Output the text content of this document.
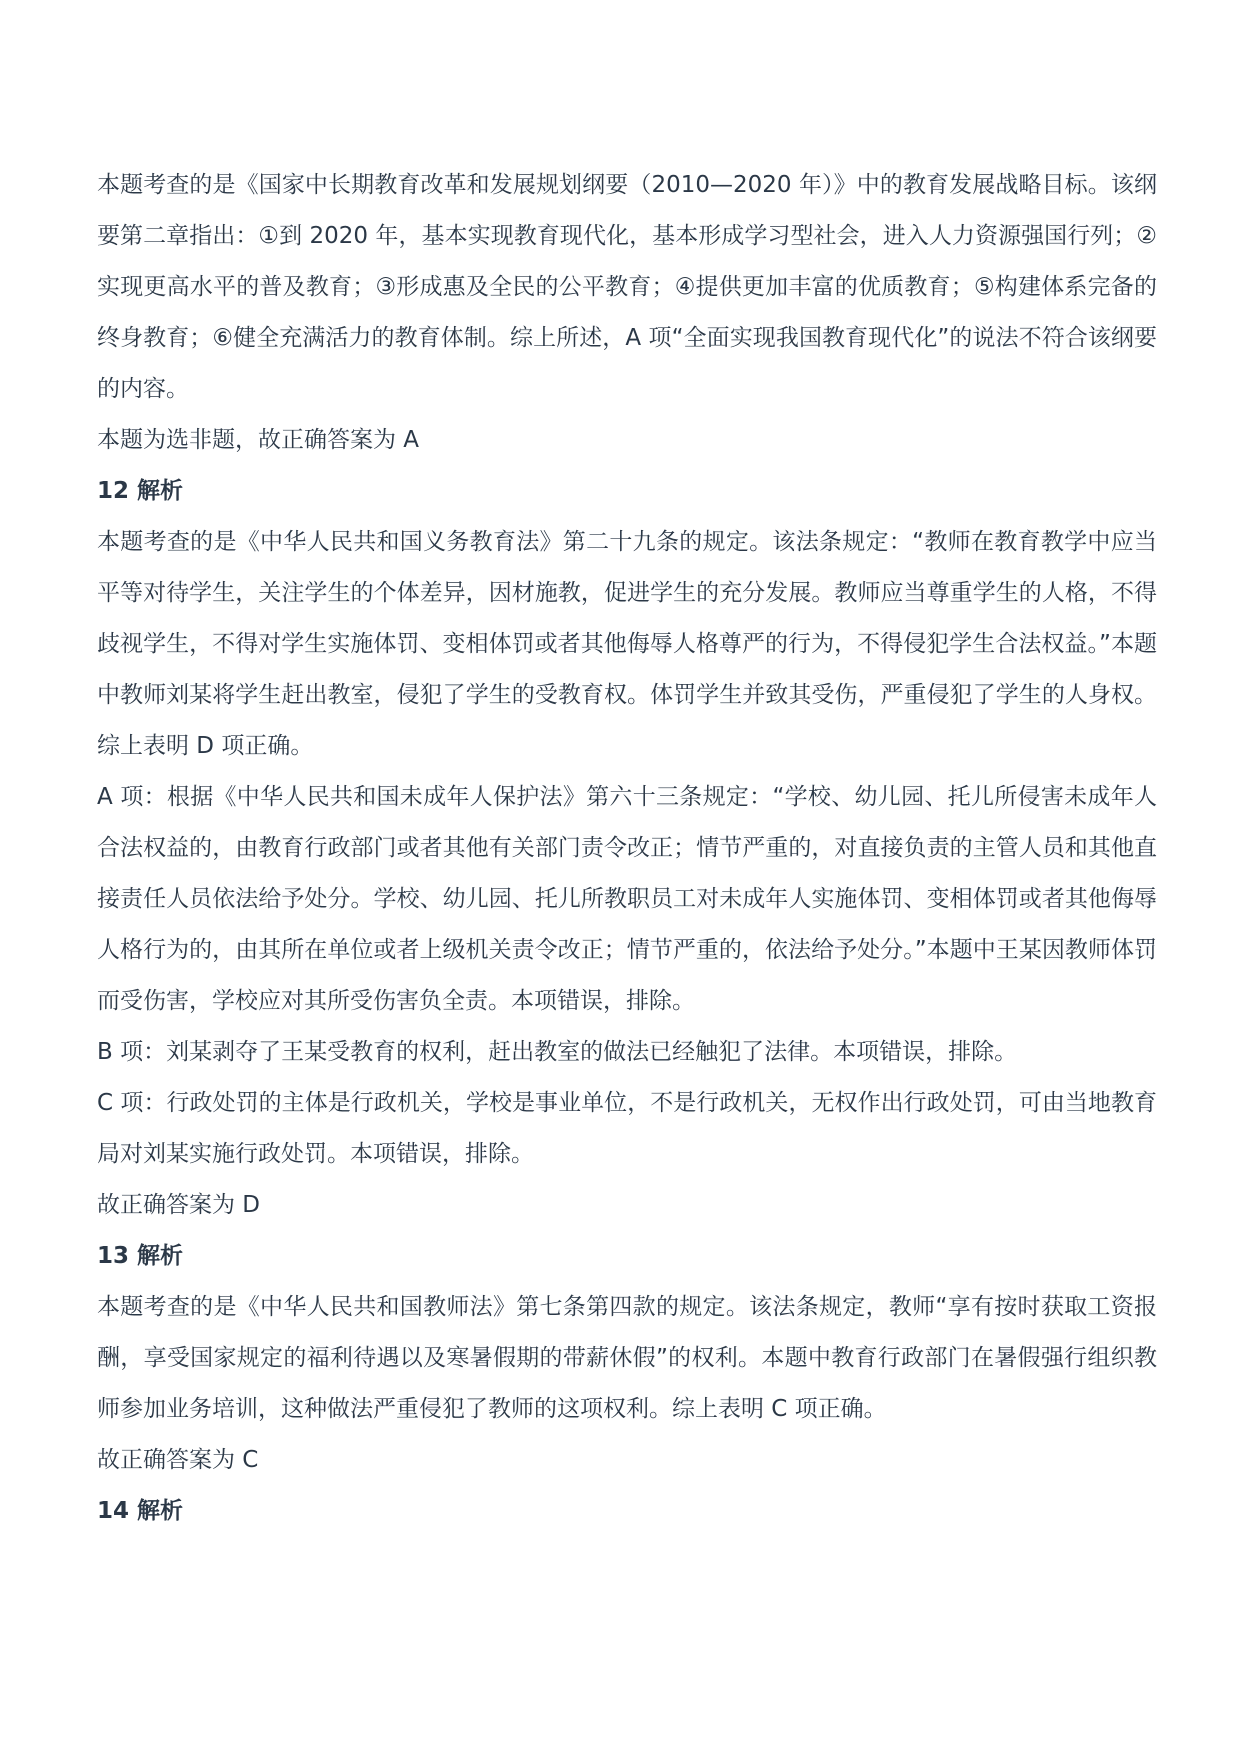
本题考查的是《国家中长期教育改革和发展规划纲要（2010—2020 年）》中的教育发展战略目标。该纲要第二章指出：①到 2020 年，基本实现教育现代化，基本形成学习型社会，进入人力资源强国行列；②实现更高水平的普及教育；③形成惠及全民的公平教育；④提供更加丰富的优质教育；⑤构建体系完备的终身教育；⑥健全充满活力的教育体制。综上所述，A 项“全面实现我国教育现代化”的说法不符合该纲要的内容。

本题为选非题，故正确答案为 A

12 解析

本题考查的是《中华人民共和国义务教育法》第二十九条的规定。该法条规定：“教师在教育教学中应当平等对待学生，关注学生的个体差异，因材施教，促进学生的充分发展。教师应当尊重学生的人格，不得歧视学生，不得对学生实施体罚、变相体罚或者其他侮辱人格尊严的行为，不得侵犯学生合法权益。”本题中教师刘某将学生赶出教室，侵犯了学生的受教育权。体罚学生并致其受伤，严重侵犯了学生的人身权。综上表明 D 项正确。

A 项：根据《中华人民共和国未成年人保护法》第六十三条规定：“学校、幼儿园、托儿所侵害未成年人合法权益的，由教育行政部门或者其他有关部门责令改正；情节严重的，对直接负责的主管人员和其他直接责任人员依法给予处分。学校、幼儿园、托儿所教职员工对未成年人实施体罚、变相体罚或者其他侮辱人格行为的，由其所在单位或者上级机关责令改正；情节严重的，依法给予处分。”本题中王某因教师体罚而受伤害，学校应对其所受伤害负全责。本项错误，排除。

B 项：刘某剥夺了王某受教育的权利，赶出教室的做法已经触犯了法律。本项错误，排除。

C 项：行政处罚的主体是行政机关，学校是事业单位，不是行政机关，无权作出行政处罚，可由当地教育局对刘某实施行政处罚。本项错误，排除。

故正确答案为 D

13 解析

本题考查的是《中华人民共和国教师法》第七条第四款的规定。该法条规定，教师“享有按时获取工资报酬，享受国家规定的福利待遇以及寒暑假期的带薪休假”的权利。本题中教育行政部门在暑假强行组织教师参加业务培训，这种做法严重侵犯了教师的这项权利。综上表明 C 项正确。

故正确答案为 C

14 解析
